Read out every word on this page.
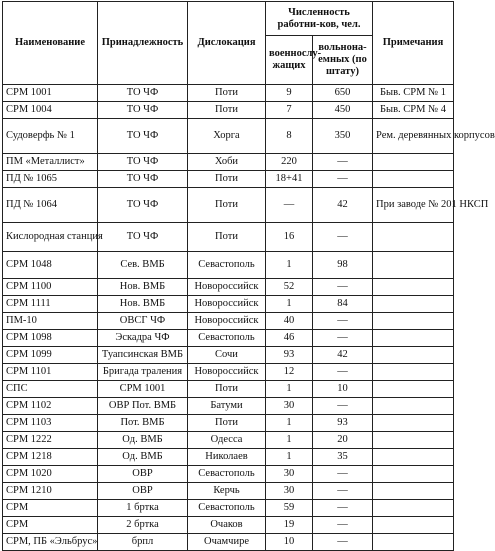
Наименование	Принадлежность	Дислокация	Численность работни-ков, чел.		Примечания
			военнослу-жащих	вольнона-емных (по штату)	
СРМ 1001	ТО ЧФ	Поти	9	650	Быв. СРМ № 1
СРМ 1004	ТО ЧФ	Поти	7	450	Быв. СРМ № 4
Судоверфь № 1	ТО ЧФ	Хорга	8	350	Рем. деревянных корпусов
ПМ «Металлист»	ТО ЧФ	Хоби	220	—	
ПД № 1065	ТО ЧФ	Поти	18+41	—	
ПД № 1064	ТО ЧФ	Поти	—	42	При заводе № 201 НКСП
Кислородная станция	ТО ЧФ	Поти	16	—	
СРМ 1048	Сев. ВМБ	Севастополь	1	98	
СРМ 1100	Нов. ВМБ	Новороссийск	52	—	
СРМ 1111	Нов. ВМБ	Новороссийск	1	84	
ПМ-10	ОВСГ ЧФ	Новороссийск	40	—	
СРМ 1098	Эскадра ЧФ	Севастополь	46	—	
СРМ 1099	Туапсинская ВМБ	Сочи	93	42	
СРМ 1101	Бригада траления	Новороссийск	12	—	
СПС	СРМ 1001	Поти	1	10	
СРМ 1102	ОВР Пот. ВМБ	Батуми	30	—	
СРМ 1103	Пот. ВМБ	Поти	1	93	
СРМ 1222	Од. ВМБ	Одесса	1	20	
СРМ 1218	Од. ВМБ	Николаев	1	35	
СРМ 1020	ОВР	Севастополь	30	—	
СРМ 1210	ОВР	Керчь	30	—	
СРМ	1 бртка	Севастополь	59	—	
СРМ	2 бртка	Очаков	19	—	
СРМ, ПБ «Эльбрус»	брпл	Очамчире	10	—	
